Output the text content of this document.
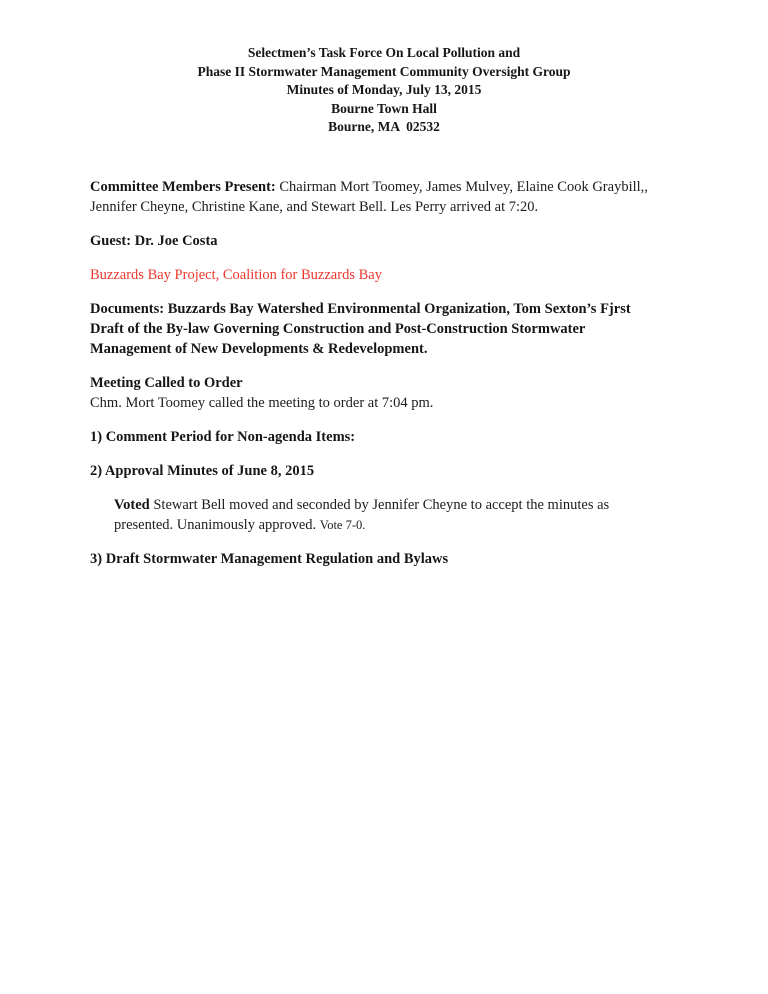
Selectmen’s Task Force On Local Pollution and
Phase II Stormwater Management Community Oversight Group
Minutes of Monday, July 13, 2015
Bourne Town Hall
Bourne, MA  02532

Committee Members Present: Chairman Mort Toomey, James Mulvey, Elaine Cook Graybill,,
Jennifer Cheyne, Christine Kane, and Stewart Bell. Les Perry arrived at 7:20.

Guest: Dr. Joe Costa

Buzzards Bay Project, Coalition for Buzzards Bay

Documents: Buzzards Bay Watershed Environmental Organization, Tom Sexton’s Fjrst
Draft of the By-law Governing Construction and Post-Construction Stormwater
Management of New Developments & Redevelopment.

Meeting Called to Order
Chm. Mort Toomey called the meeting to order at 7:04 pm.

1) Comment Period for Non-agenda Items:

2) Approval Minutes of June 8, 2015

Voted Stewart Bell moved and seconded by Jennifer Cheyne to accept the minutes as
presented. Unanimously approved. Vote 7-0.

3) Draft Stormwater Management Regulation and Bylaws
